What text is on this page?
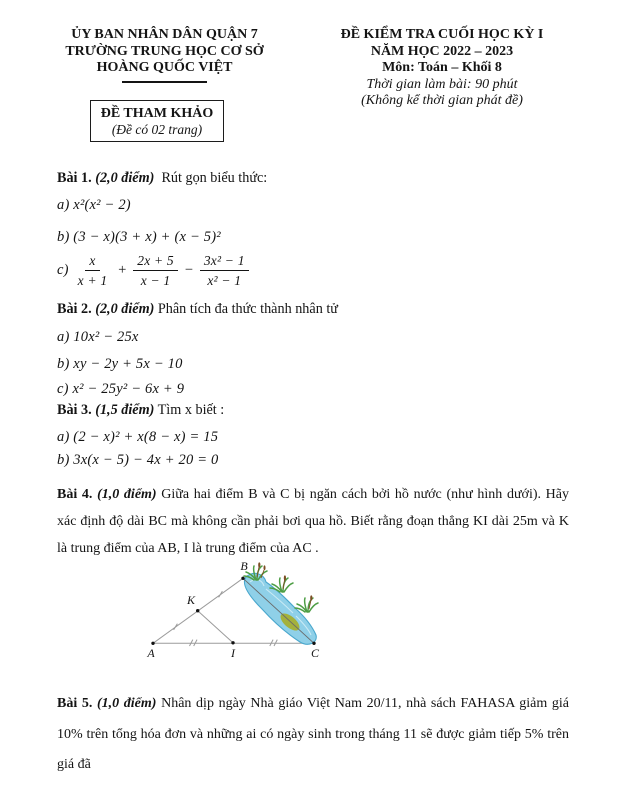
ỦY BAN NHÂN DÂN QUẬN 7
TRƯỜNG TRUNG HỌC CƠ SỞ
HOÀNG QUỐC VIỆT
ĐỀ THAM KHẢO
(Đề có 02 trang)
ĐỀ KIỂM TRA CUỐI HỌC KỲ I
NĂM HỌC 2022 – 2023
Môn: Toán – Khối 8
Thời gian làm bài: 90 phút
(Không kể thời gian phát đề)
Bài 1. (2,0 điểm) Rút gọn biểu thức:
a) x²(x² − 2)
b) (3 − x)(3 + x) + (x − 5)²
$c) \frac{x}{x + 1} + \frac{2x + 5}{x - 1} - \frac{\text{3x² − 1}}{\text{x² − 1}}$
Bài 2. (2,0 điểm) Phân tích đa thức thành nhân tử
a) 10x² − 25x
b) xy − 2y + 5x − 10
c) x² − 25y² − 6x + 9
Bài 3. (1,5 điểm) Tìm x biết :
a) (2 − x)² + x(8 − x) = 15
b) 3x(x − 5) − 4x + 20 = 0
Bài 4. (1,0 điểm) Giữa hai điểm B và C bị ngăn cách bởi hồ nước (như hình dưới). Hãy xác định độ dài BC mà không cần phải bơi qua hồ. Biết rằng đoạn thẳng KI dài 25m và K là trung điểm của AB, I là trung điểm của AC .
A
B
K
I	C
Bài 5. (1,0 điểm) Nhân dịp ngày Nhà giáo Việt Nam 20/11, nhà sách FAHASA giảm giá 10% trên tổng hóa đơn và những ai có ngày sinh trong tháng 11 sẽ được giảm tiếp 5% trên giá đã
